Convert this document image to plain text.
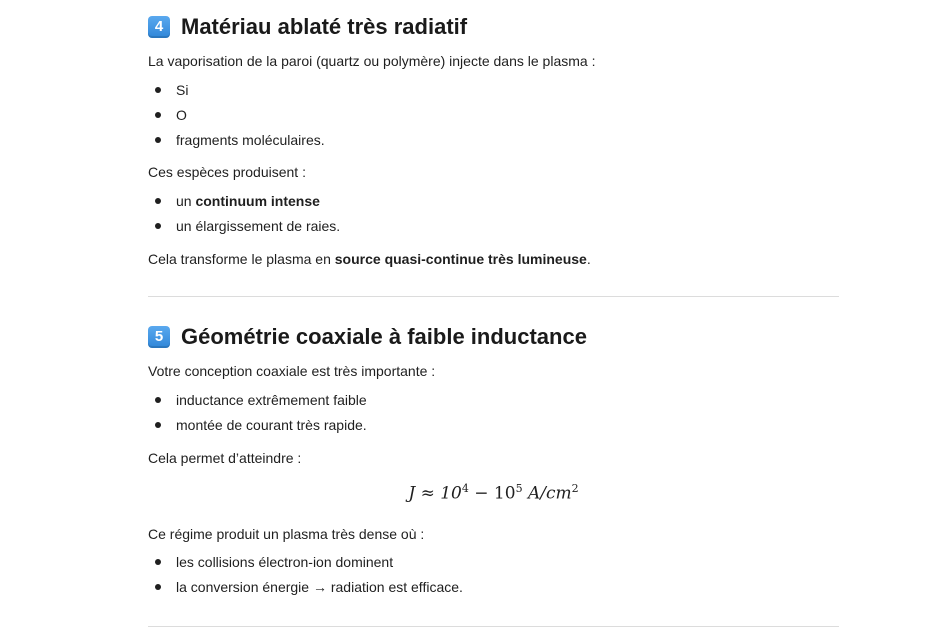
4 Matériau ablaté très radiatif

La vaporisation de la paroi (quartz ou polymère) injecte dans le plasma :

Si
O
fragments moléculaires.

Ces espèces produisent :

un continuum intense
un élargissement de raies.

Cela transforme le plasma en source quasi-continue très lumineuse.

5 Géométrie coaxiale à faible inductance

Votre conception coaxiale est très importante :

inductance extrêmement faible
montée de courant très rapide.

Cela permet d’atteindre :

$J \approx 10^4 - 10^5$ $A/cm^2$

Ce régime produit un plasma très dense où :

les collisions électron-ion dominent
la conversion énergie → radiation est efficace.
